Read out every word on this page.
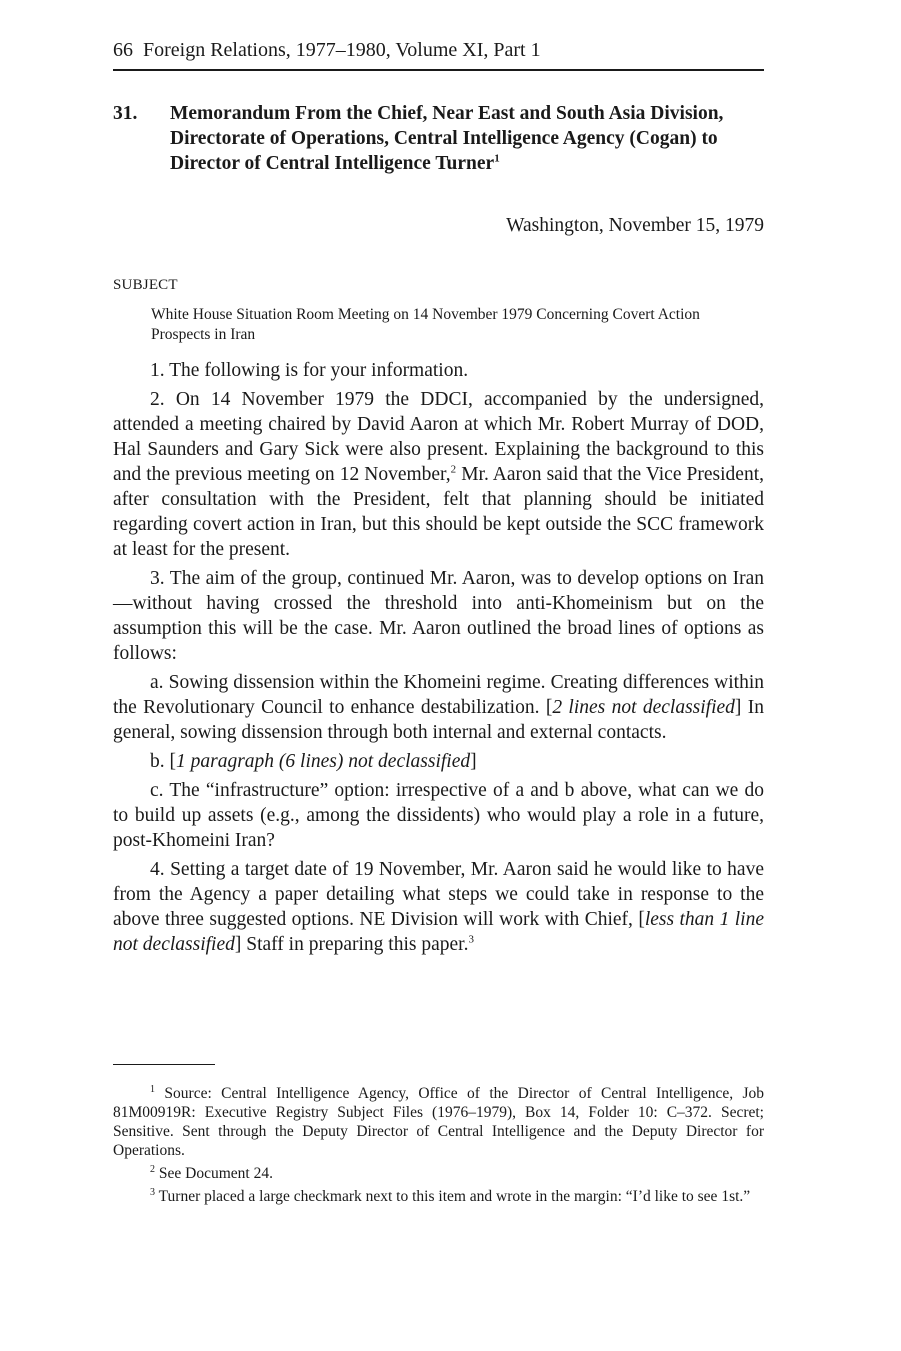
66 Foreign Relations, 1977–1980, Volume XI, Part 1
31. Memorandum From the Chief, Near East and South Asia Division, Directorate of Operations, Central Intelligence Agency (Cogan) to Director of Central Intelligence Turner$^1$
Washington, November 15, 1979
SUBJECT
White House Situation Room Meeting on 14 November 1979 Concerning Covert Action Prospects in Iran

1. The following is for your information.

2. On 14 November 1979 the DDCI, accompanied by the undersigned, attended a meeting chaired by David Aaron at which Mr. Robert Murray of DOD, Hal Saunders and Gary Sick were also present. Explaining the background to this and the previous meeting on 12 November,$^2$ Mr. Aaron said that the Vice President, after consultation with the President, felt that planning should be initiated regarding covert action in Iran, but this should be kept outside the SCC framework at least for the present.

3. The aim of the group, continued Mr. Aaron, was to develop options on Iran—without having crossed the threshold into anti-Khomeinism but on the assumption this will be the case. Mr. Aaron outlined the broad lines of options as follows:

a. Sowing dissension within the Khomeini regime. Creating differences within the Revolutionary Council to enhance destabilization. [2 lines not declassified] In general, sowing dissension through both internal and external contacts.

b. [1 paragraph (6 lines) not declassified]

c. The “infrastructure” option: irrespective of a and b above, what can we do to build up assets (e.g., among the dissidents) who would play a role in a future, post-Khomeini Iran?

4. Setting a target date of 19 November, Mr. Aaron said he would like to have from the Agency a paper detailing what steps we could take in response to the above three suggested options. NE Division will work with Chief, [less than 1 line not declassified] Staff in preparing this paper.$^3$

$^1$ Source: Central Intelligence Agency, Office of the Director of Central Intelligence, Job 81M00919R: Executive Registry Subject Files (1976–1979), Box 14, Folder 10: C–372. Secret; Sensitive. Sent through the Deputy Director of Central Intelligence and the Deputy Director for Operations.

$^2$ See Document 24.

$^3$ Turner placed a large checkmark next to this item and wrote in the margin: “I’d like to see 1st.”
